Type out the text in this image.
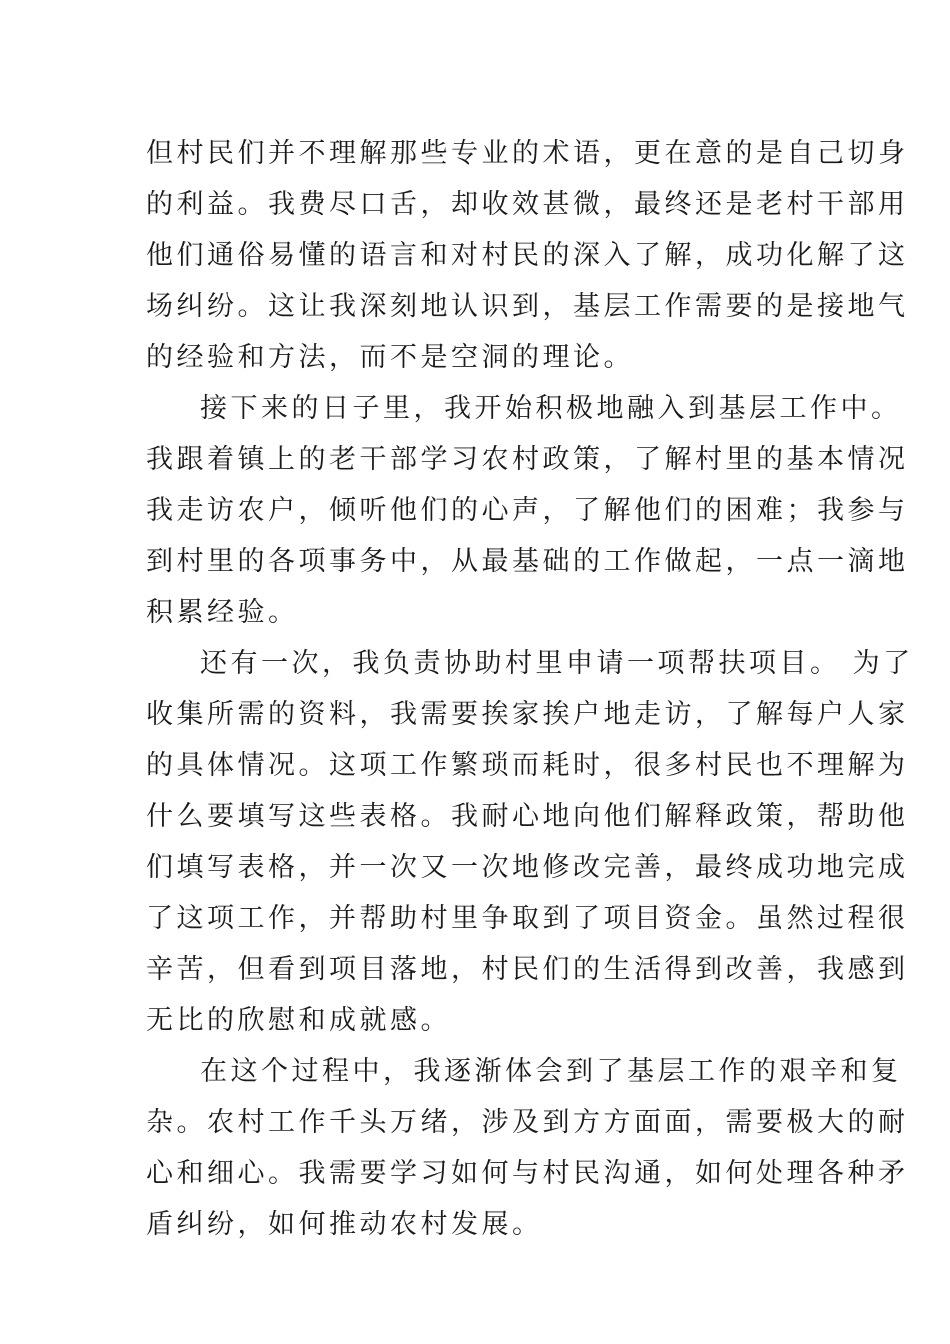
但村民们并不理解那些专业的术语，更在意的是自己切身
的利益。我费尽口舌，却收效甚微，最终还是老村干部用
他们通俗易懂的语言和对村民的深入了解，成功化解了这
场纠纷。这让我深刻地认识到，基层工作需要的是接地气
的经验和方法，而不是空洞的理论。
接下来的日子里，我开始积极地融入到基层工作中。
我跟着镇上的老干部学习农村政策，了解村里的基本情况
我走访农户，倾听他们的心声，了解他们的困难；我参与
到村里的各项事务中，从最基础的工作做起，一点一滴地
积累经验。
还有一次，我负责协助村里申请一项帮扶项目。 为了
收集所需的资料，我需要挨家挨户地走访，了解每户人家
的具体情况。这项工作繁琐而耗时，很多村民也不理解为
什么要填写这些表格。我耐心地向他们解释政策，帮助他
们填写表格，并一次又一次地修改完善，最终成功地完成
了这项工作，并帮助村里争取到了项目资金。虽然过程很
辛苦，但看到项目落地，村民们的生活得到改善，我感到
无比的欣慰和成就感。
在这个过程中，我逐渐体会到了基层工作的艰辛和复
杂。农村工作千头万绪，涉及到方方面面，需要极大的耐
心和细心。我需要学习如何与村民沟通，如何处理各种矛
盾纠纷，如何推动农村发展。
